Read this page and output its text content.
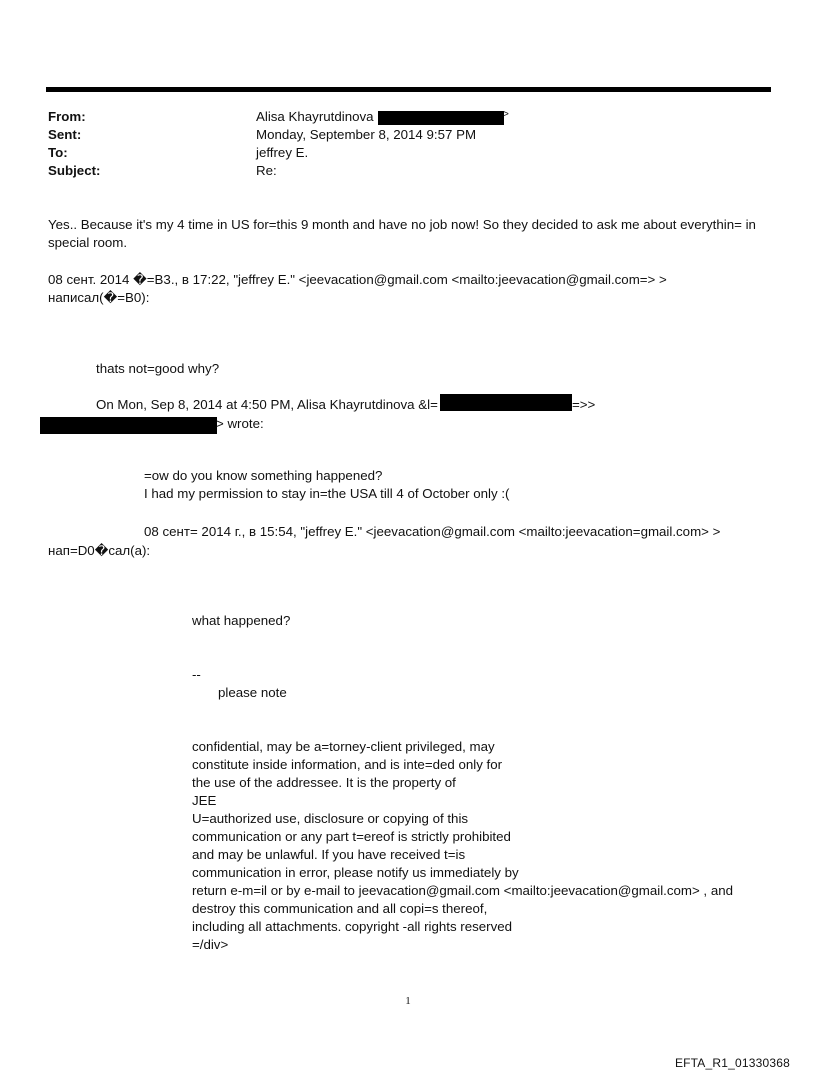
From:	Alisa Khayrutdinova	>
Sent:	Monday, September 8, 2014 9:57 PM
To:	jeffrey E.
Subject:	Re:
Yes.. Because it's my 4 time in US for=this 9 month and have no job now! So they decided to ask me about everythin= in
special room.
08 сент. 2014 �=B3., в 17:22, "jeffrey E." <jeevacation@gmail.com <mailto:jeevacation@gmail.com=> >
написал(�=B0):
thats not=good why?
On Mon, Sep 8, 2014 at 4:50 PM, Alisa Khayrutdinova &l=	=>>
> wrote:
=ow do you know something happened?
I had my permission to stay in=the USA till 4 of October only :(
08 сент= 2014 г., в 15:54, "jeffrey E." <jeevacation@gmail.com <mailto:jeevacation=gmail.com> >
нап=D0�сал(а):
what happened?
--
please note
confidential, may be a=torney-client privileged, may
constitute inside information, and is inte=ded only for
the use of the addressee. It is the property of
JEE
U=authorized use, disclosure or copying of this
communication or any part t=ereof is strictly prohibited
and may be unlawful. If you have received t=is
communication in error, please notify us immediately by
return e-m=il or by e-mail to jeevacation@gmail.com <mailto:jeevacation@gmail.com> , and
destroy this communication and all copi=s thereof,
including all attachments. copyright -all rights reserved
=/div>
1
EFTA_R1_01330368
